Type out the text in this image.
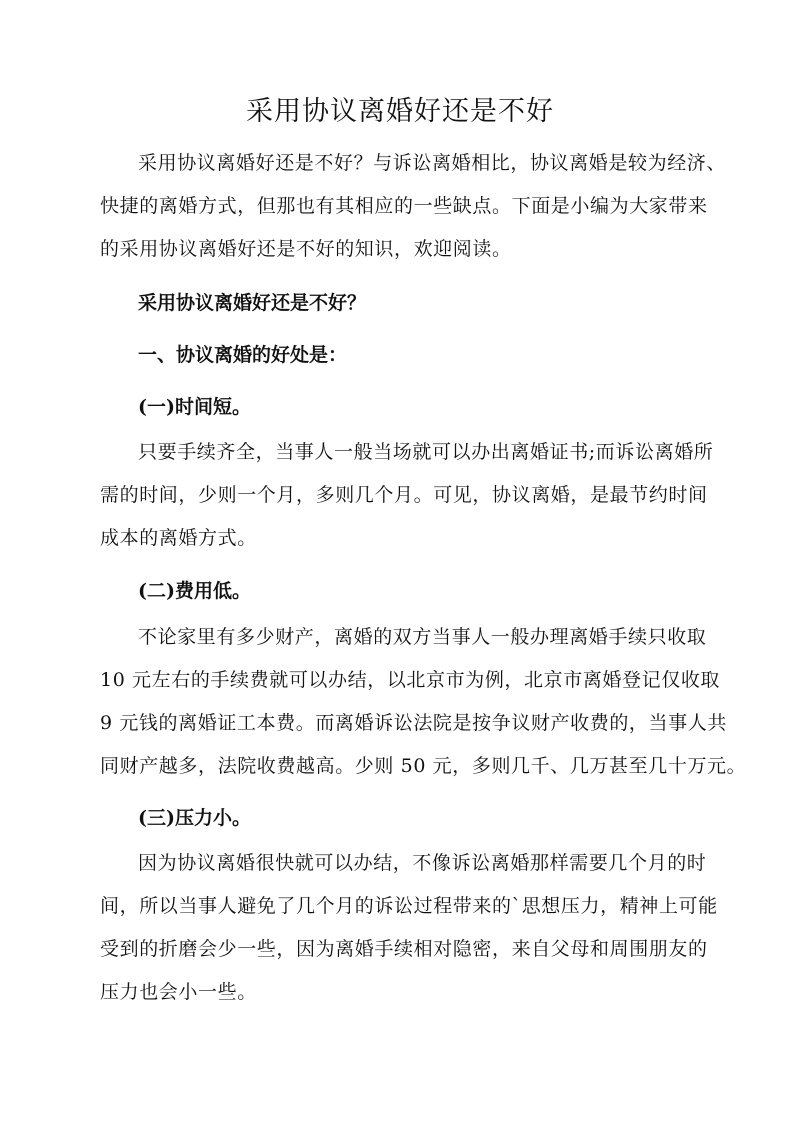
采用协议离婚好还是不好
采用协议离婚好还是不好？与诉讼离婚相比，协议离婚是较为经济、
快捷的离婚方式，但那也有其相应的一些缺点。下面是小编为大家带来
的采用协议离婚好还是不好的知识，欢迎阅读。
采用协议离婚好还是不好？
一、协议离婚的好处是：
(一)时间短。
只要手续齐全，当事人一般当场就可以办出离婚证书;而诉讼离婚所
需的时间，少则一个月，多则几个月。可见，协议离婚，是最节约时间
成本的离婚方式。
(二)费用低。
不论家里有多少财产，离婚的双方当事人一般办理离婚手续只收取
10 元左右的手续费就可以办结，以北京市为例，北京市离婚登记仅收取
9 元钱的离婚证工本费。而离婚诉讼法院是按争议财产收费的，当事人共
同财产越多，法院收费越高。少则 50 元，多则几千、几万甚至几十万元。
(三)压力小。
因为协议离婚很快就可以办结，不像诉讼离婚那样需要几个月的时
间，所以当事人避免了几个月的诉讼过程带来的`思想压力，精神上可能
受到的折磨会少一些，因为离婚手续相对隐密，来自父母和周围朋友的
压力也会小一些。
